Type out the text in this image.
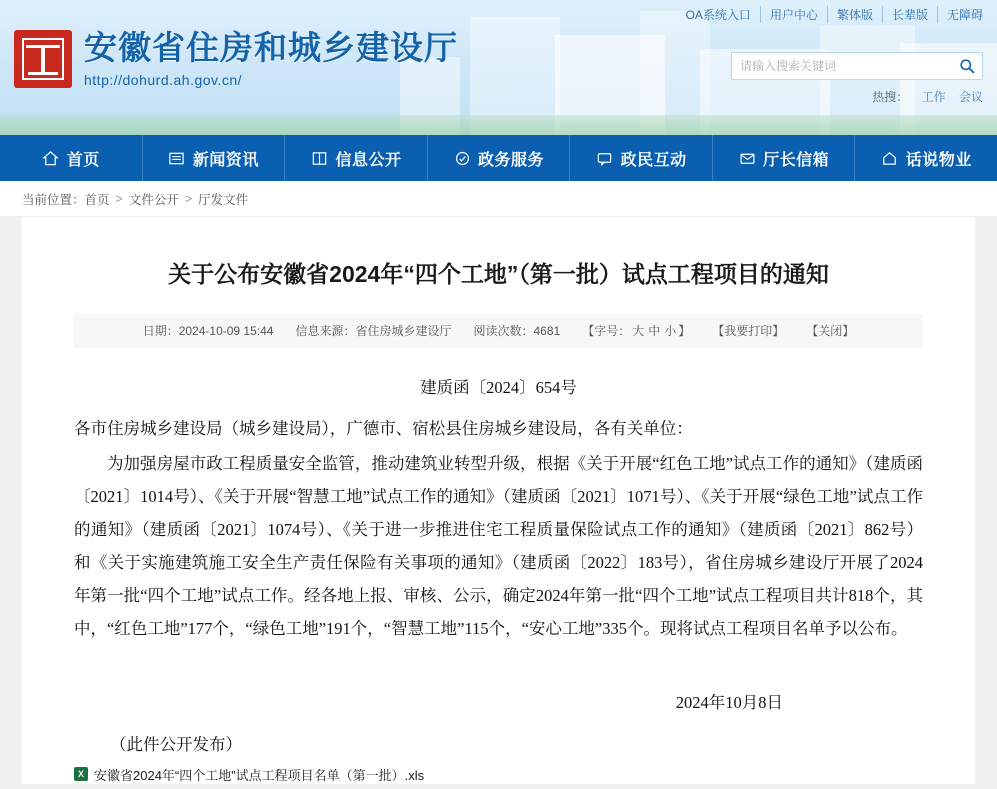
OA系统入口	用户中心	繁体版	长辈版	无障碍
安徽省住房和城乡建设厅
http://dohurd.ah.gov.cn/
请输入搜索关键词
热搜： 工作 会议
首页	新闻资讯	信息公开	政务服务	政民互动	厅长信箱	话说物业
当前位置： 首页 > 文件公开 > 厅发文件
关于公布安徽省2024年“四个工地”（第一批）试点工程项目的通知
日期：2024-10-09 15:44 信息来源：省住房城乡建设厅 阅读次数：4681 【字号： 大 中 小 】 【我要打印】 【关闭】
建质函〔2024〕654号

各市住房城乡建设局（城乡建设局），广德市、宿松县住房城乡建设局，各有关单位：

为加强房屋市政工程质量安全监管，推动建筑业转型升级，根据《关于开展“红色工地”试点工作的通知》（建质函〔2021〕1014号）、《关于开展“智慧工地”试点工作的通知》（建质函〔2021〕1071号）、《关于开展“绿色工地”试点工作的通知》（建质函〔2021〕1074号）、《关于进一步推进住宅工程质量保险试点工作的通知》（建质函〔2021〕862号）和《关于实施建筑施工安全生产责任保险有关事项的通知》（建质函〔2022〕183号），省住房城乡建设厅开展了2024年第一批“四个工地”试点工作。经各地上报、审核、公示，确定2024年第一批“四个工地”试点工程项目共计818个，其中，“红色工地”177个，“绿色工地”191个，“智慧工地”115个，“安心工地”335个。现将试点工程项目名单予以公布。

2024年10月8日
（此件公开发布）
X 安徽省2024年“四个工地”试点工程项目名单（第一批）.xls
